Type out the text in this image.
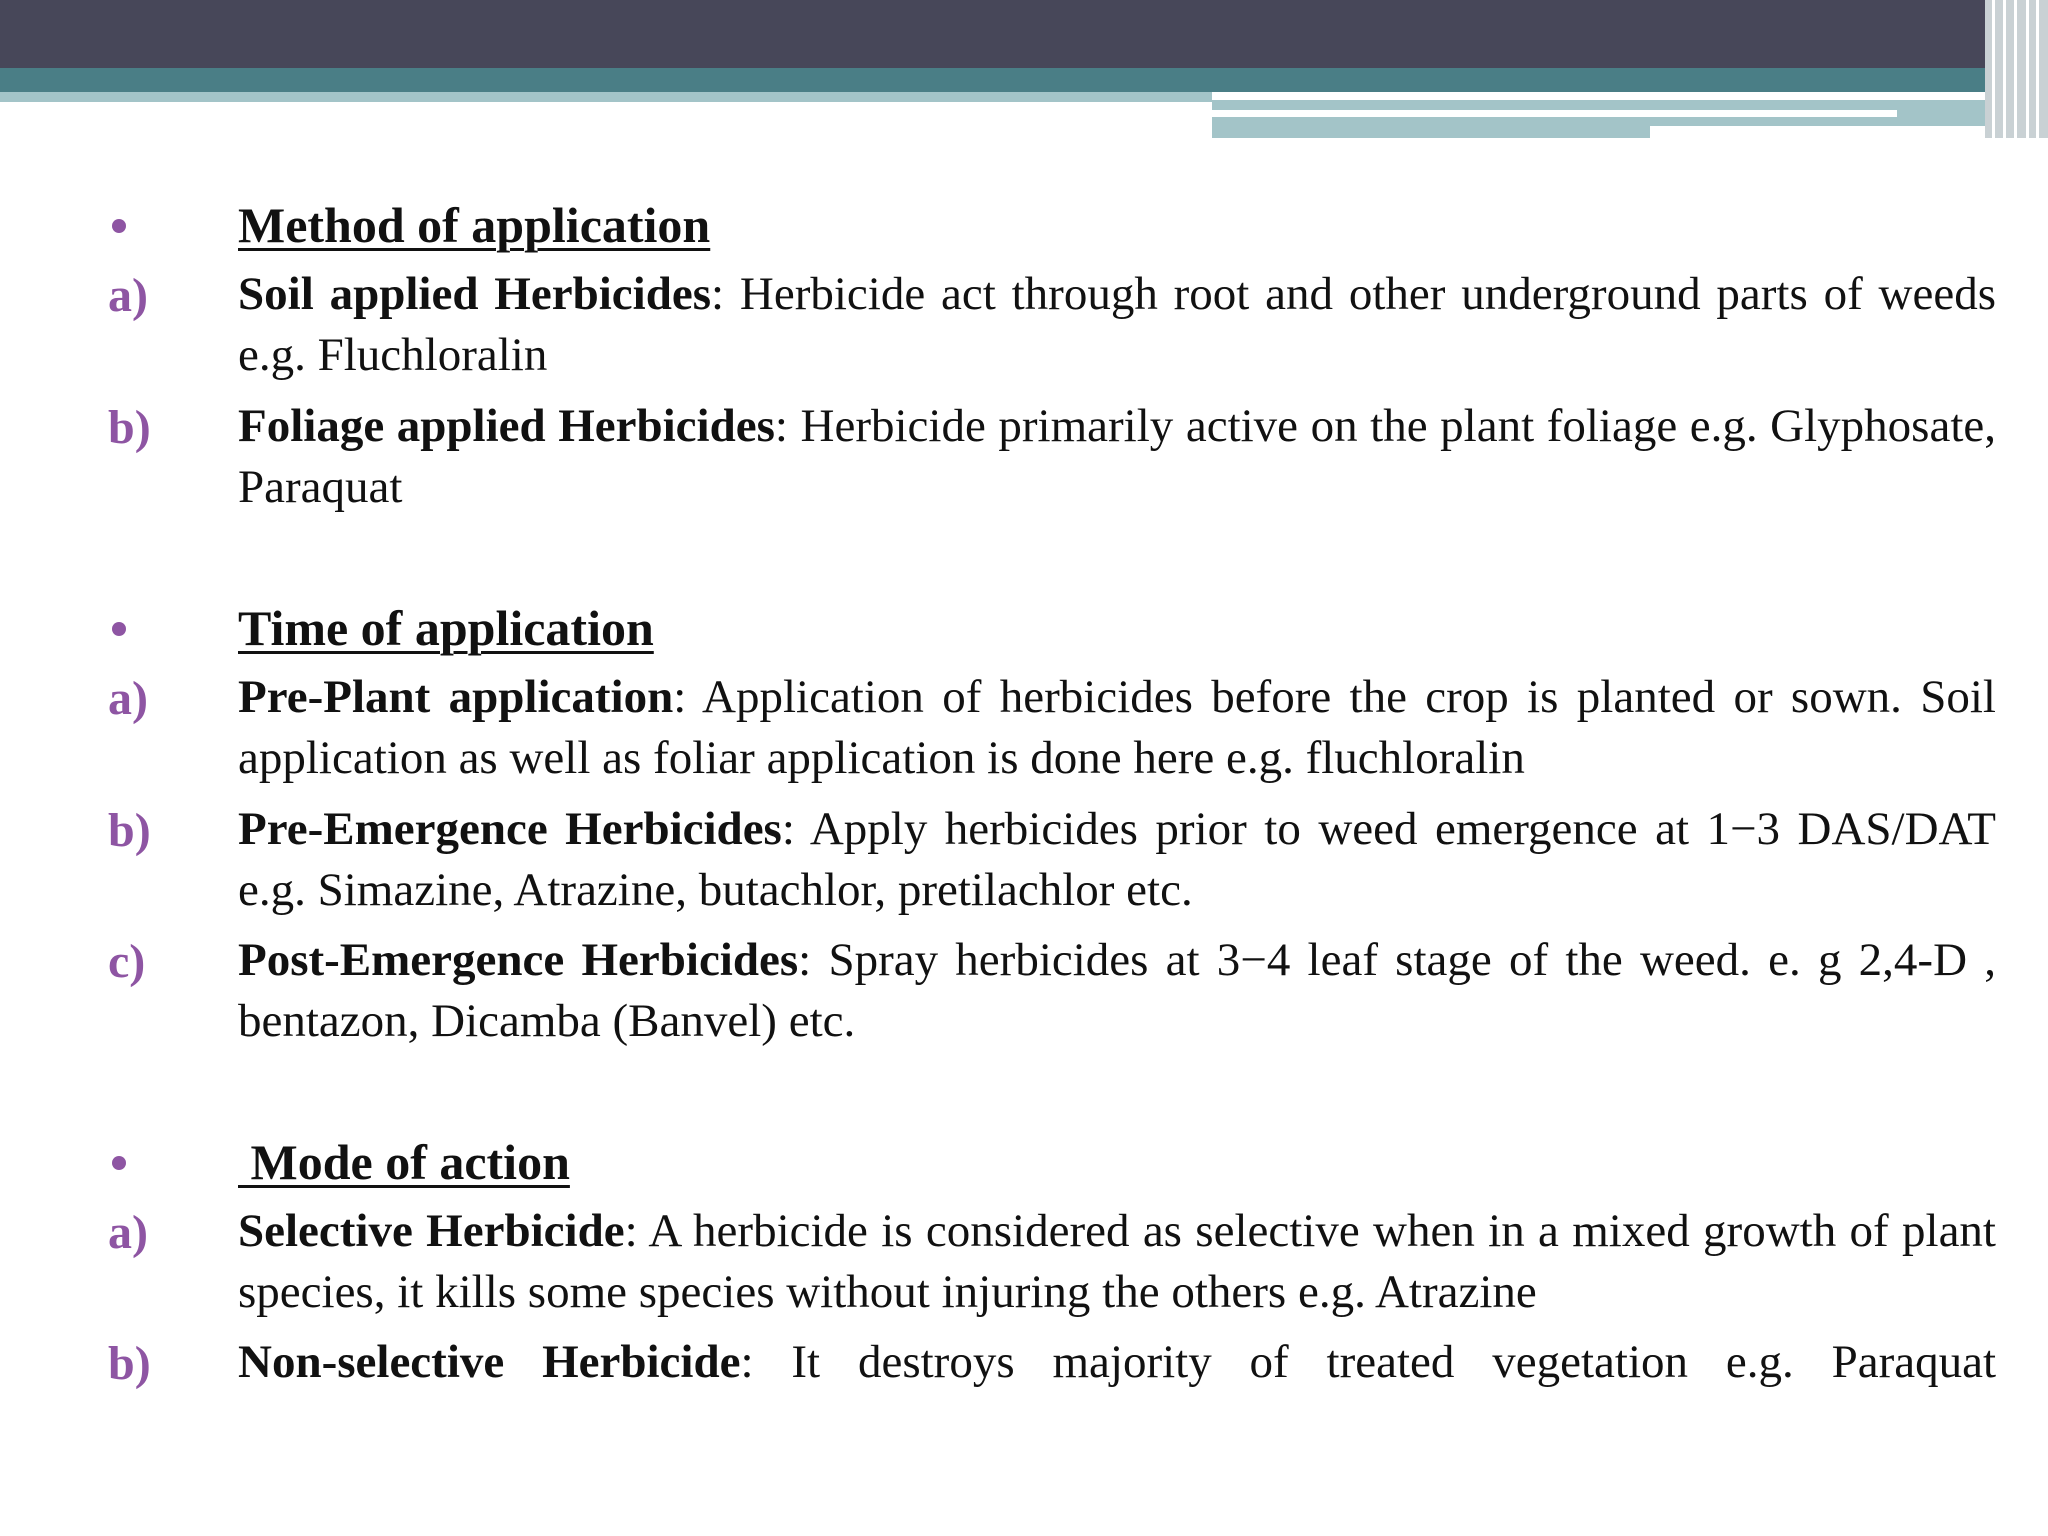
Method of application
a) Soil applied Herbicides: Herbicide act through root and other underground parts of weeds e.g. Fluchloralin
b) Foliage applied Herbicides: Herbicide primarily active on the plant foliage e.g. Glyphosate, Paraquat
Time of application
a) Pre-Plant application: Application of herbicides before the crop is planted or sown. Soil application as well as foliar application is done here e.g. fluchloralin
b) Pre-Emergence Herbicides: Apply herbicides prior to weed emergence at 1−3 DAS/DAT e.g. Simazine, Atrazine, butachlor, pretilachlor etc.
c) Post-Emergence Herbicides: Spray herbicides at 3−4 leaf stage of the weed. e. g 2,4-D , bentazon, Dicamba (Banvel) etc.
Mode of action
a) Selective Herbicide: A herbicide is considered as selective when in a mixed growth of plant species, it kills some species without injuring the others e.g. Atrazine
b) Non-selective Herbicide: It destroys majority of treated vegetation e.g. Paraquat
